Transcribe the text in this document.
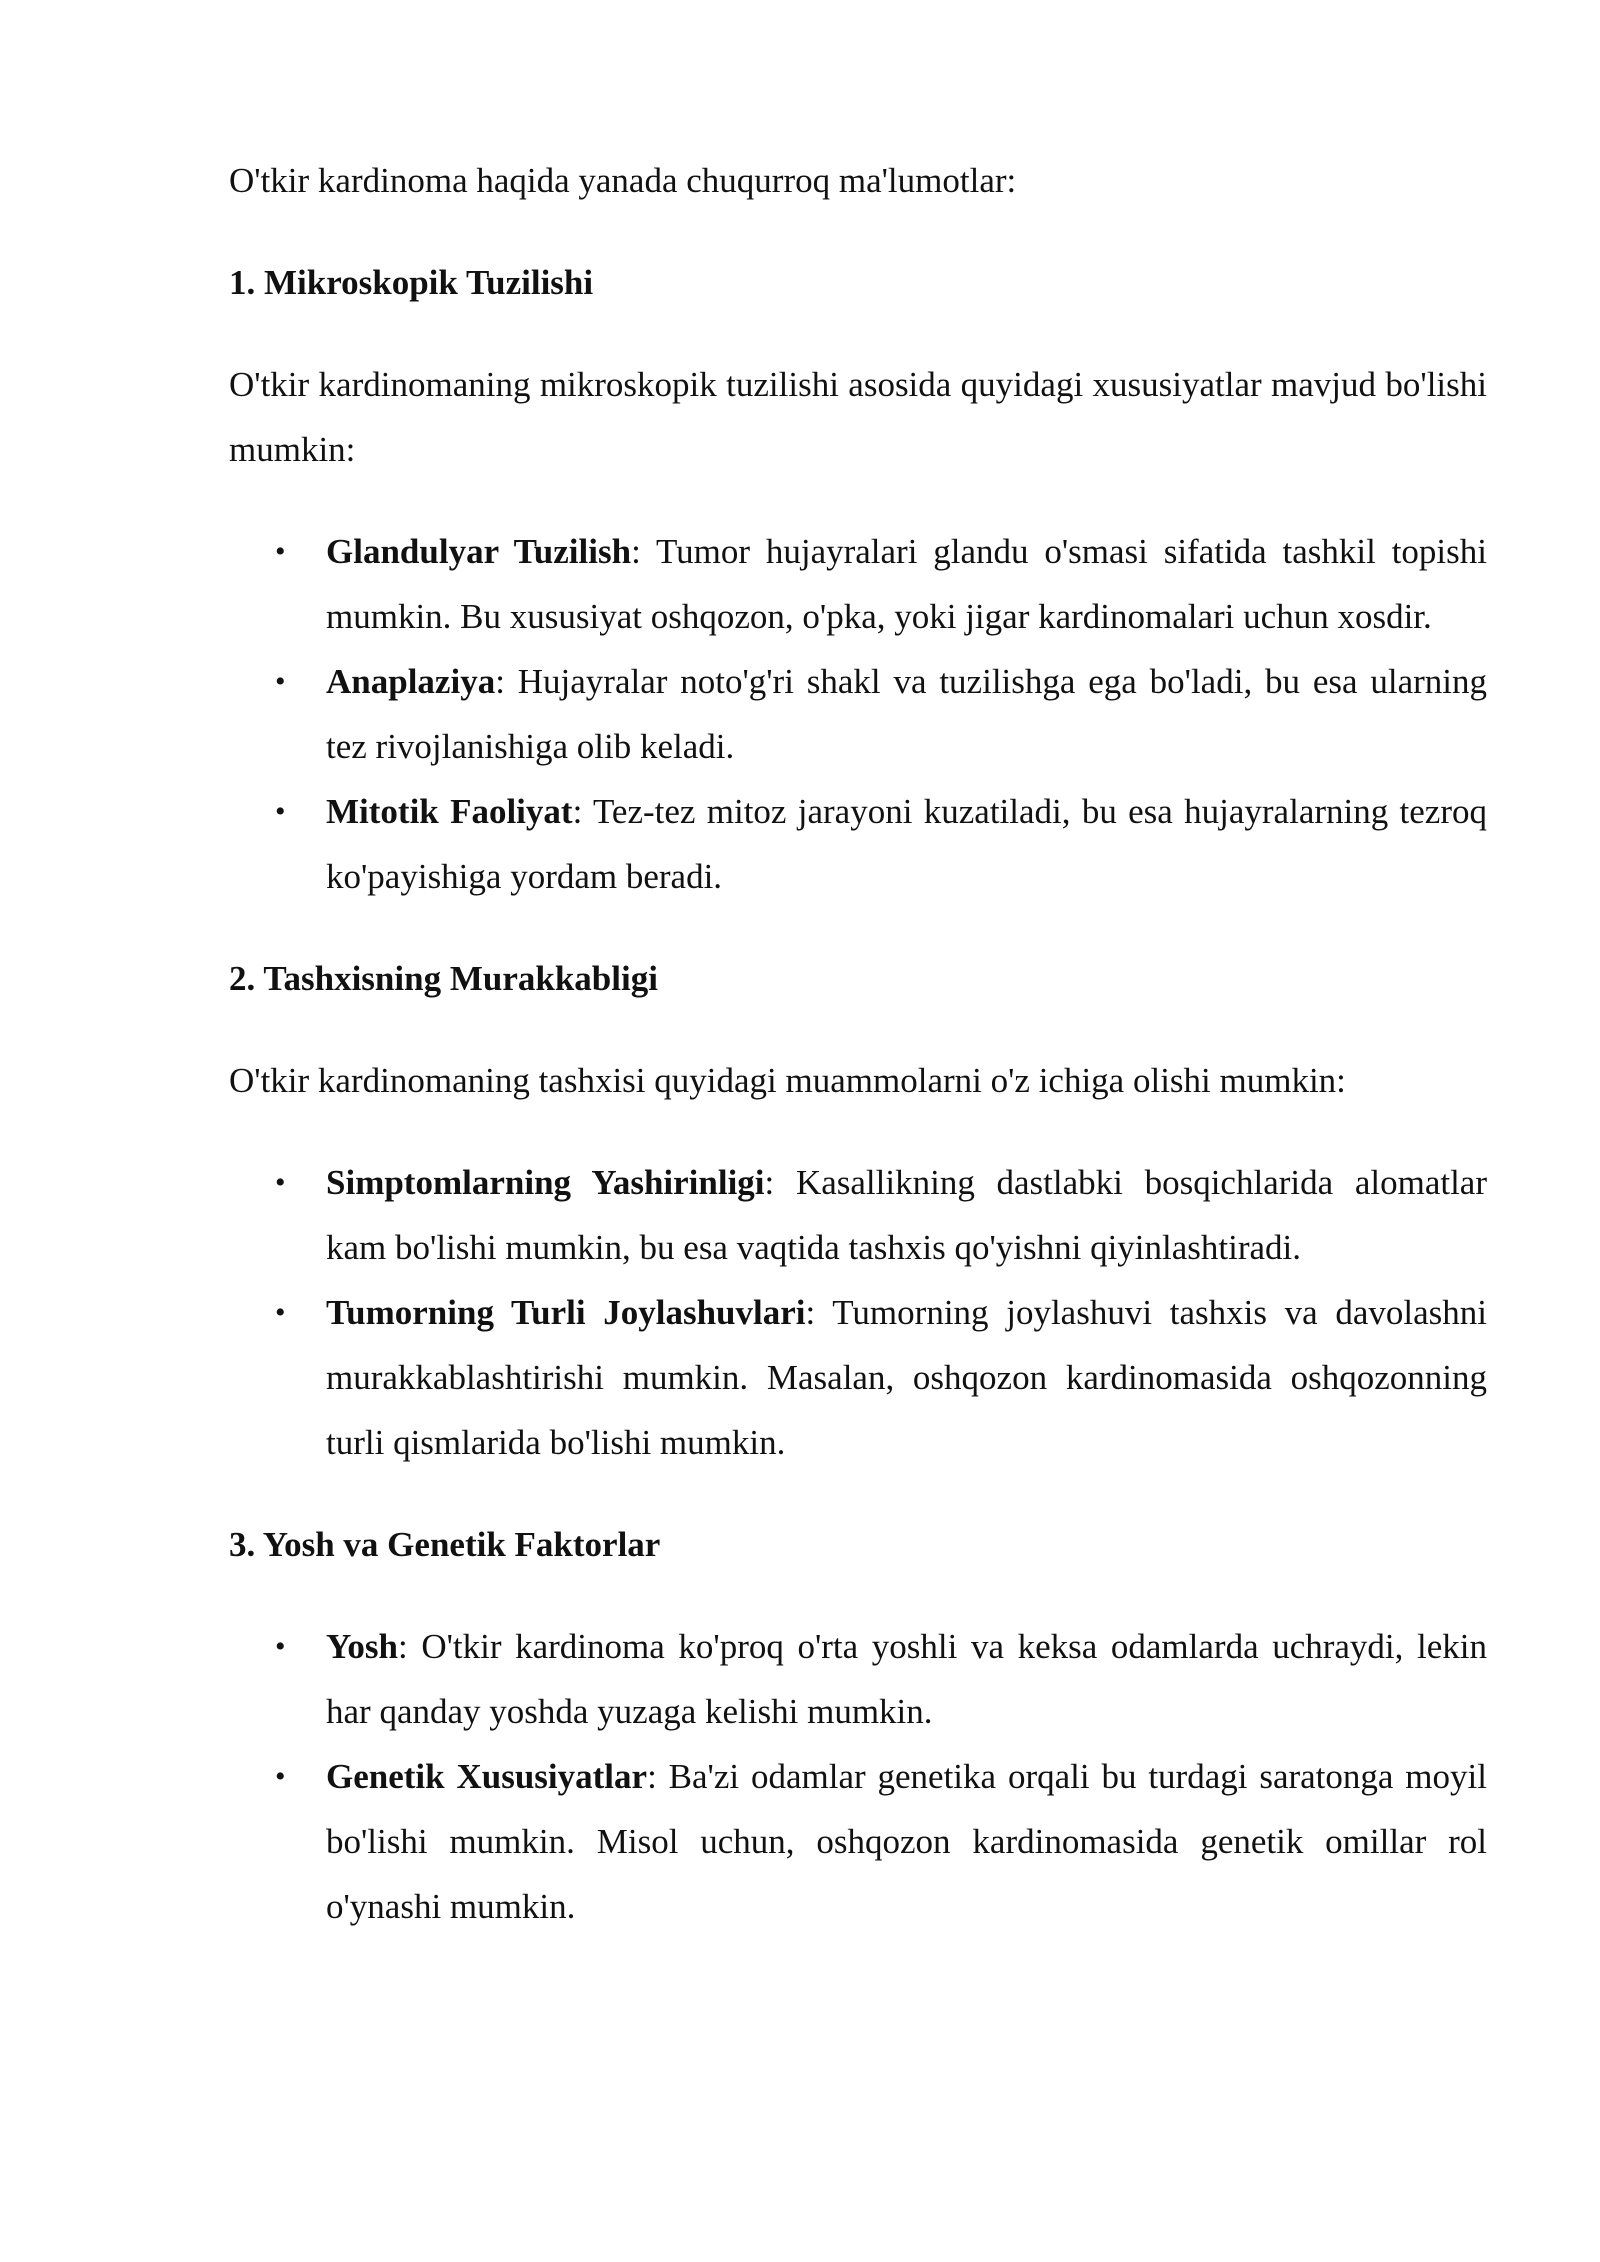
O'tkir kardinoma haqida yanada chuqurroq ma'lumotlar:

1. Mikroskopik Tuzilishi

O'tkir kardinomaning mikroskopik tuzilishi asosida quyidagi xususiyatlar mavjud bo'lishi mumkin:

• Glandulyar Tuzilish: Tumor hujayralari glandu o'smasi sifatida tashkil topishi mumkin. Bu xususiyat oshqozon, o'pka, yoki jigar kardinomalari uchun xosdir.
• Anaplaziya: Hujayralar noto'g'ri shakl va tuzilishga ega bo'ladi, bu esa ularning tez rivojlanishiga olib keladi.
• Mitotik Faoliyat: Tez-tez mitoz jarayoni kuzatiladi, bu esa hujayralarning tezroq ko'payishiga yordam beradi.
2. Tashxisning Murakkabligi

O'tkir kardinomaning tashxisi quyidagi muammolarni o'z ichiga olishi mumkin:

• Simptomlarning Yashirinligi: Kasallikning dastlabki bosqichlarida alomatlar kam bo'lishi mumkin, bu esa vaqtida tashxis qo'yishni qiyinlashtiradi.
• Tumorning Turli Joylashuvlari: Tumorning joylashuvi tashxis va davolashni murakkablashtirishi mumkin. Masalan, oshqozon kardinomasida oshqozonning turli qismlarida bo'lishi mumkin.
3. Yosh va Genetik Faktorlar
• Yosh: O'tkir kardinoma ko'proq o'rta yoshli va keksa odamlarda uchraydi, lekin har qanday yoshda yuzaga kelishi mumkin.
• Genetik Xususiyatlar: Ba'zi odamlar genetika orqali bu turdagi saratonga moyil bo'lishi mumkin. Misol uchun, oshqozon kardinomasida genetik omillar rol o'ynashi mumkin.
